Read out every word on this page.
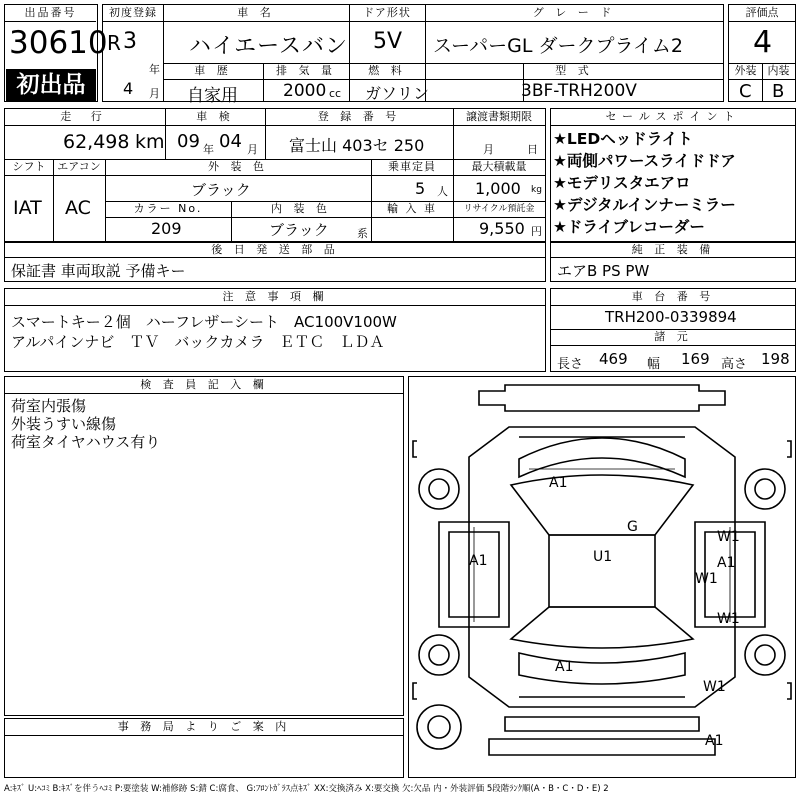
出品番号
30610
初出品
初度登録
R 3
年
4 月
車 名
ハイエースバン
ドア形状
5V
グ レ ー ド
スーパーGL ダークプライム2
車 歴
自家用
排 気 量
2000 cc
燃 料
ガソリン
型 式
3BF-TRH200V
評価点
4
外装	内装
C B
走 行
62,498 km
車 検
09 年 04 月
登 録 番 号
富士山 403セ 250
譲渡書類期限
月	日
シフト
IAT
エアコン
AC
外 装 色
ブラック
乗車定員
5 人
最大積載量
1,000 kg
カラー No.
209
内 装 色
ブラック	系
輸 入 車	リサイクル預託金
9,550 円
セールスポイント
★LEDヘッドライト
★両側パワースライドドア
★モデリスタエアロ
★デジタルインナーミラー
★ドライブレコーダー
後 日 発 送 部 品
保証書 車両取説 予備キー
純 正 装 備
エアB PS PW
注 意 事 項 欄
スマートキー２個　ハーフレザーシート　AC100V100W
アルパインナビ　ＴＶ　バックカメラ　ＥＴＣ　ＬＤＡ
車 台 番 号
TRH200-0339894
諸 元
長さ 469 幅 169 高さ 198
検 査 員 記 入 欄
荷室内張傷
外装うすい線傷
荷室タイヤハウス有り
事 務 局 よ り ご 案 内
A1
G
W1
A1	U1
W1
A1
W1
A1
W1
A1
A:ｷｽﾞ U:ﾍｺﾐ B:ｷｽﾞを伴うﾍｺﾐ P:要塗装 W:補修跡 S:錆 C:腐食、 G:ﾌﾛﾝﾄｶﾞﾗｽ点ｷｽﾞ XX:交換済み X:要交換 欠:欠品 内・外装評価 5段階ﾗﾝｸ順(A・B・C・D・E) 2
